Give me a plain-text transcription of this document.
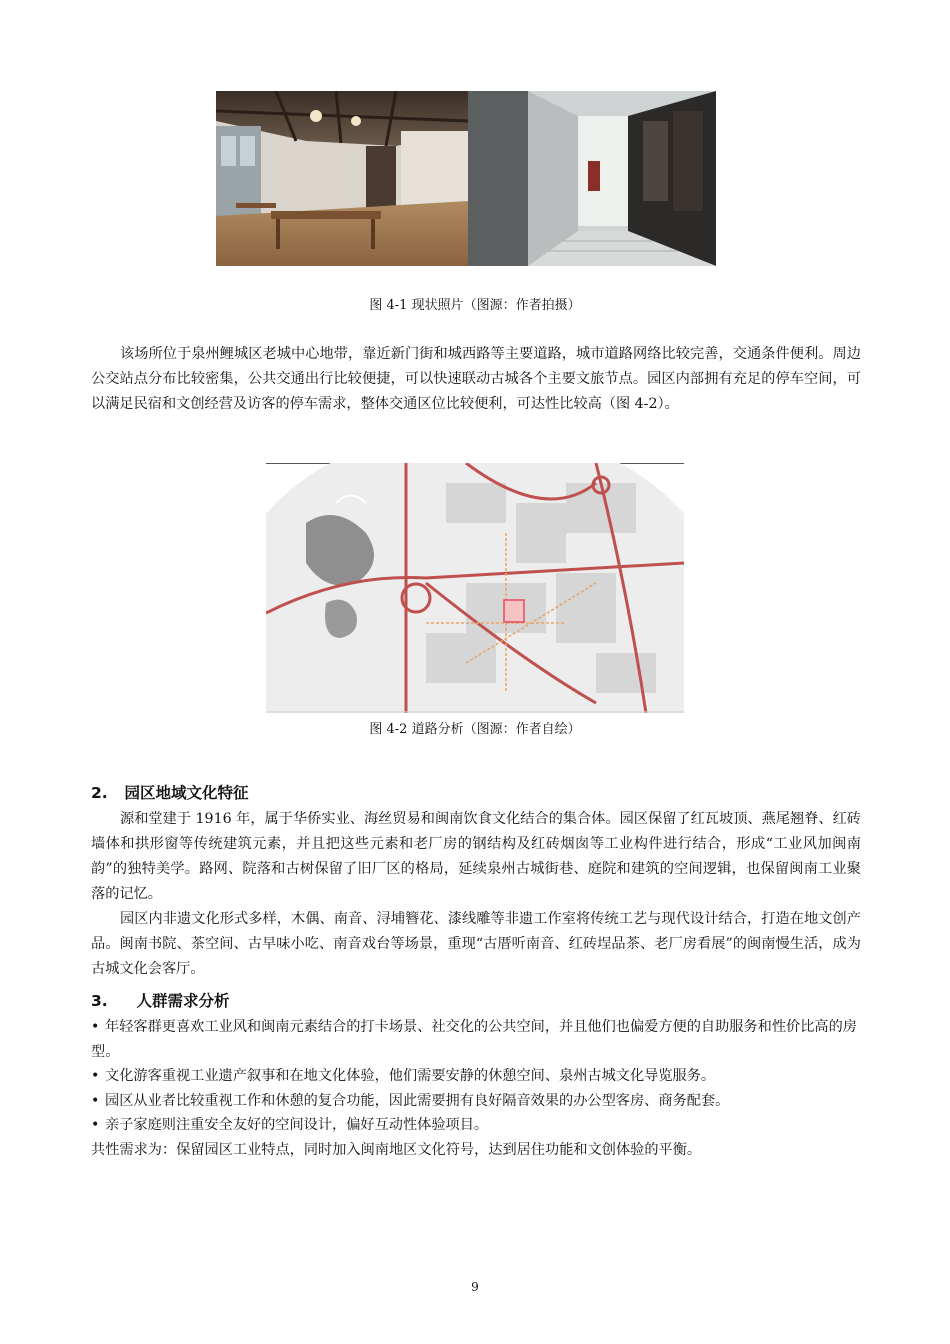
图 4-1 现状照片（图源：作者拍摄）

该场所位于泉州鲤城区老城中心地带，靠近新门街和城西路等主要道路，城市道路网络比较完善，交通条件便利。周边公交站点分布比较密集，公共交通出行比较便捷，可以快速联动古城各个主要文旅节点。园区内部拥有充足的停车空间，可以满足民宿和文创经营及访客的停车需求，整体交通区位比较便利，可达性比较高（图 4-2）。

图 4-2 道路分析（图源：作者自绘）
2. 园区地域文化特征

源和堂建于 1916 年，属于华侨实业、海丝贸易和闽南饮食文化结合的集合体。园区保留了红瓦坡顶、燕尾翘脊、红砖墙体和拱形窗等传统建筑元素，并且把这些元素和老厂房的钢结构及红砖烟囱等工业构件进行结合，形成“工业风加闽南韵”的独特美学。路网、院落和古树保留了旧厂区的格局，延续泉州古城街巷、庭院和建筑的空间逻辑，也保留闽南工业聚落的记忆。

园区内非遗文化形式多样，木偶、南音、浔埔簪花、漆线雕等非遗工作室将传统工艺与现代设计结合，打造在地文创产品。闽南书院、茶空间、古早味小吃、南音戏台等场景，重现“古厝听南音、红砖埕品茶、老厂房看展”的闽南慢生活，成为古城文化会客厅。

3. 人群需求分析
• 年轻客群更喜欢工业风和闽南元素结合的打卡场景、社交化的公共空间，并且他们也偏爱方便的自助服务和性价比高的房型。
• 文化游客重视工业遗产叙事和在地文化体验，他们需要安静的休憩空间、泉州古城文化导览服务。
• 园区从业者比较重视工作和休憩的复合功能，因此需要拥有良好隔音效果的办公型客房、商务配套。
• 亲子家庭则注重安全友好的空间设计，偏好互动性体验项目。

共性需求为：保留园区工业特点，同时加入闽南地区文化符号，达到居住功能和文创体验的平衡。

9
